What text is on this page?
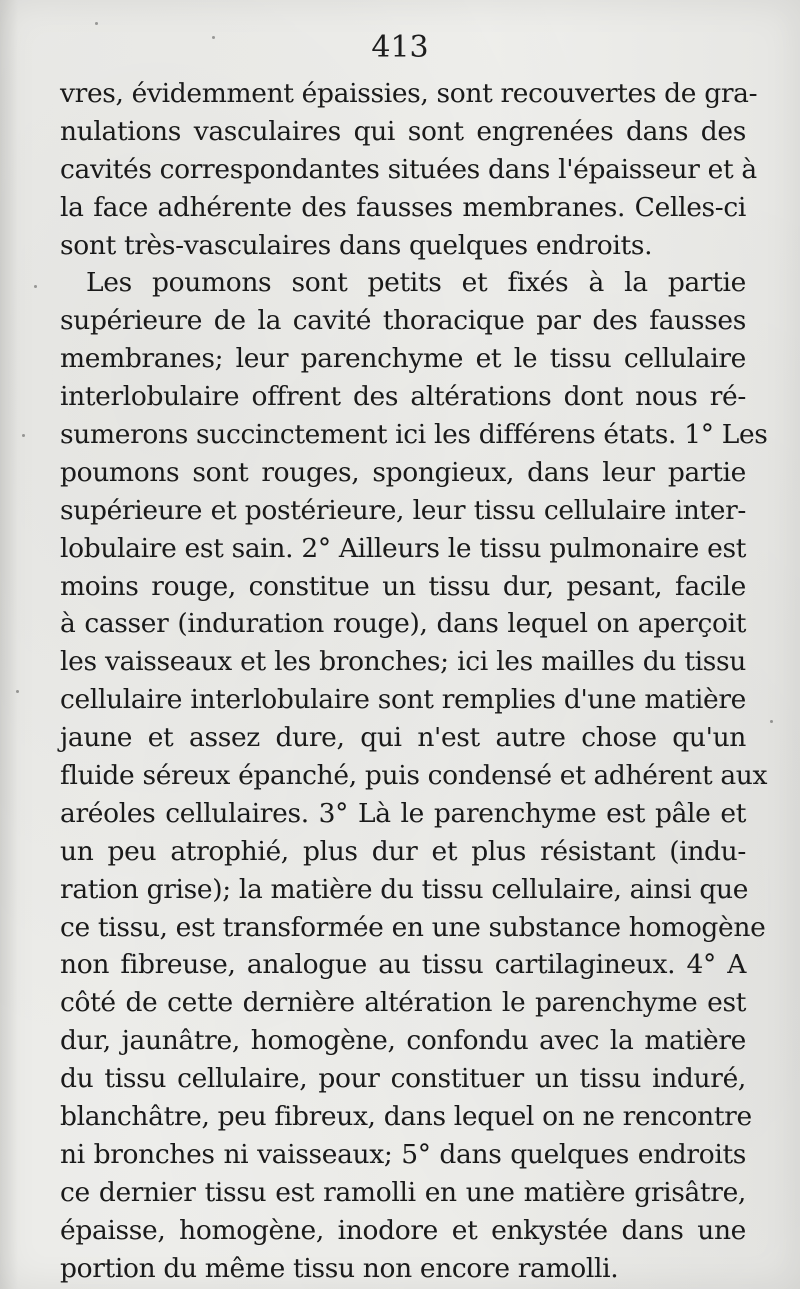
413
vres, évidemment épaissies, sont recouvertes de gra-
nulations vasculaires qui sont engrenées dans des
cavités correspondantes situées dans l'épaisseur et à
la face adhérente des fausses membranes. Celles-ci
sont très-vasculaires dans quelques endroits.
Les poumons sont petits et fixés à la partie
supérieure de la cavité thoracique par des fausses
membranes; leur parenchyme et le tissu cellulaire
interlobulaire offrent des altérations dont nous ré-
sumerons succinctement ici les différens états. 1° Les
poumons sont rouges, spongieux, dans leur partie
supérieure et postérieure, leur tissu cellulaire inter-
lobulaire est sain. 2° Ailleurs le tissu pulmonaire est
moins rouge, constitue un tissu dur, pesant, facile
à casser (induration rouge), dans lequel on aperçoit
les vaisseaux et les bronches; ici les mailles du tissu
cellulaire interlobulaire sont remplies d'une matière
jaune et assez dure, qui n'est autre chose qu'un
fluide séreux épanché, puis condensé et adhérent aux
aréoles cellulaires. 3° Là le parenchyme est pâle et
un peu atrophié, plus dur et plus résistant (indu-
ration grise); la matière du tissu cellulaire, ainsi que
ce tissu, est transformée en une substance homogène
non fibreuse, analogue au tissu cartilagineux. 4° A
côté de cette dernière altération le parenchyme est
dur, jaunâtre, homogène, confondu avec la matière
du tissu cellulaire, pour constituer un tissu induré,
blanchâtre, peu fibreux, dans lequel on ne rencontre
ni bronches ni vaisseaux; 5° dans quelques endroits
ce dernier tissu est ramolli en une matière grisâtre,
épaisse, homogène, inodore et enkystée dans une
portion du même tissu non encore ramolli.
